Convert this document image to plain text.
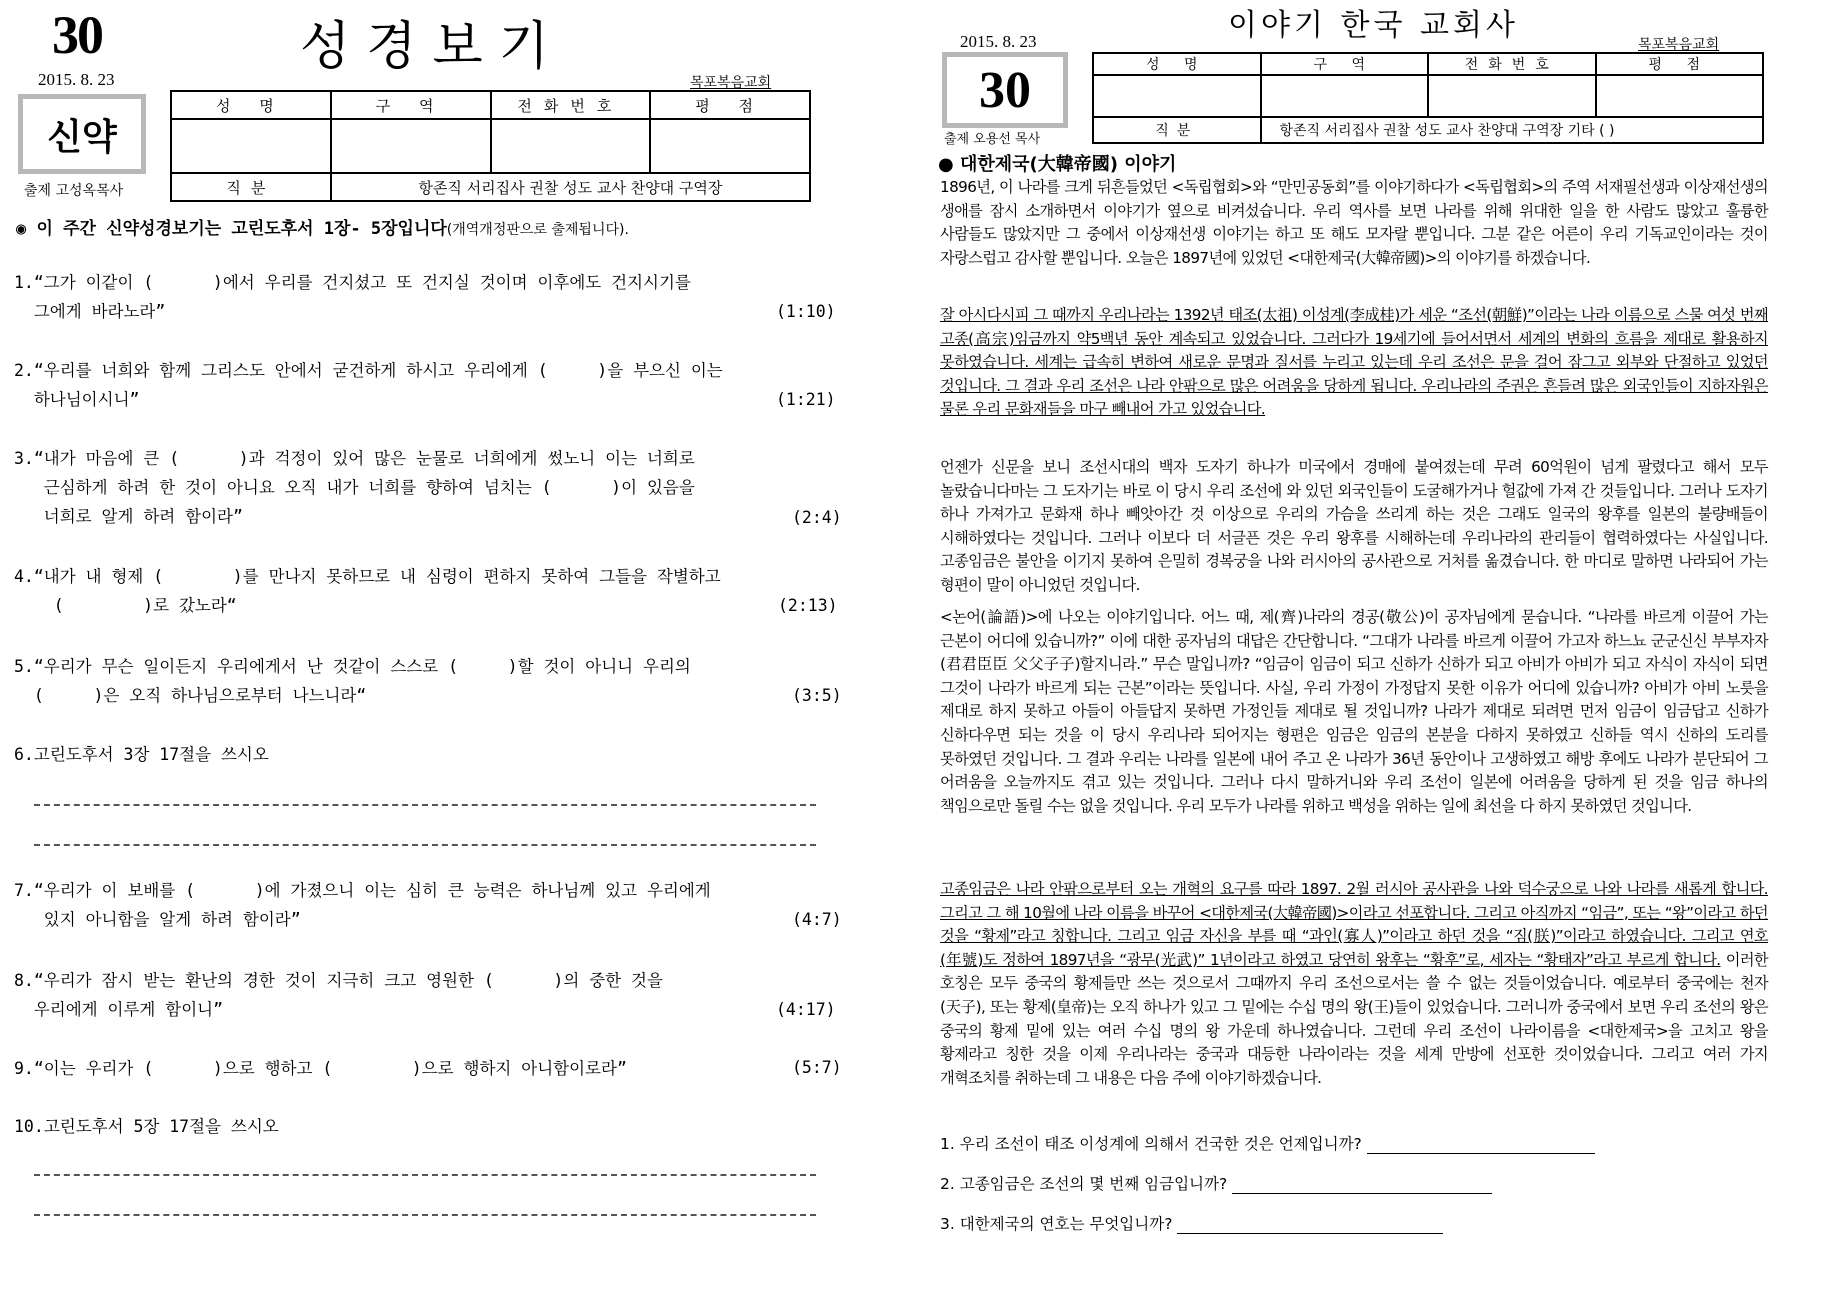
30	성경보기
2015. 8. 23	목포복음교회
신약
출제 고성옥목사
성 명	구 역	전화번호	평 점

직분	항존직 서리집사 권찰 성도 교사 찬양대 구역장		
◉ 이 주간 신약성경보기는 고린도후서 1장- 5장입니다(개역개정판으로 출제됩니다).
1.“그가 이같이 (      )에서 우리를 건지셨고 또 건지실 것이며 이후에도 건지시기를
그에게 바라노라”	(1:10)
2.“우리를 너희와 함께 그리스도 안에서 굳건하게 하시고 우리에게 (     )을 부으신 이는
하나님이시니”	(1:21)
3.“내가 마음에 큰 (      )과 걱정이 있어 많은 눈물로 너희에게 썼노니 이는 너희로
근심하게 하려 한 것이 아니요 오직 내가 너희를 향하여 넘치는 (      )이 있음을
너희로 알게 하려 함이라”	(2:4)
4.“내가 내 형제 (       )를 만나지 못하므로 내 심령이 편하지 못하여 그들을 작별하고
(        )로 갔노라“	(2:13)
5.“우리가 무슨 일이든지 우리에게서 난 것같이 스스로 (     )할 것이 아니니 우리의
(     )은 오직 하나님으로부터 나느니라“	(3:5)
6.고린도후서 3장 17절을 쓰시오
7.“우리가 이 보배를 (      )에 가졌으니 이는 심히 큰 능력은 하나님께 있고 우리에게
있지 아니함을 알게 하려 함이라”	(4:7)
8.“우리가 잠시 받는 환난의 경한 것이 지극히 크고 영원한 (      )의 중한 것을
우리에게 이루게 함이니”	(4:17)
9.“이는 우리가 (      )으로 행하고 (        )으로 행하지 아니함이로라”	(5:7)
10.고린도후서 5장 17절을 쓰시오
이야기 한국 교회사
2015. 8. 23	목포복음교회
30
출제 오용선 목사
성 명	구 역	전화번호	평 점

직분	항존직 서리집사 권찰 성도 교사 찬양대 구역장 기타 ( )		
● 대한제국(大韓帝國) 이야기
1896년, 이 나라를 크게 뒤흔들었던 <독립협회>와 “만민공동회”를 이야기하다가 <독립협회>의 주역 서재필선생과 이상재선생의 생애를 잠시 소개하면서 이야기가 옆으로 비켜섰습니다. 우리 역사를 보면 나라를 위해 위대한 일을 한 사람도 많았고 훌륭한 사람들도 많았지만 그 중에서 이상재선생 이야기는 하고 또 해도 모자랄 뿐입니다. 그분 같은 어른이 우리 기독교인이라는 것이 자랑스럽고 감사할 뿐입니다. 오늘은 1897년에 있었던 <대한제국(大韓帝國)>의 이야기를 하겠습니다.
잘 아시다시피 그 때까지 우리나라는 1392년 태조(太祖) 이성계(李成桂)가 세운 “조선(朝鮮)”이라는 나라 이름으로 스물 여섯 번째 고종(高宗)임금까지 약5백년 동안 계속되고 있었습니다. 그러다가 19세기에 들어서면서 세계의 변화의 흐름을 제대로 활용하지 못하였습니다. 세계는 급속히 변하여 새로운 문명과 질서를 누리고 있는데 우리 조선은 문을 걸어 잠그고 외부와 단절하고 있었던 것입니다. 그 결과 우리 조선은 나라 안팎으로 많은 어려움을 당하게 됩니다. 우리나라의 주권은 흔들려 많은 외국인들이 지하자원은 물론 우리 문화재들을 마구 빼내어 가고 있었습니다.
언젠가 신문을 보니 조선시대의 백자 도자기 하나가 미국에서 경매에 붙여졌는데 무려 60억원이 넘게 팔렸다고 해서 모두 놀랐습니다마는 그 도자기는 바로 이 당시 우리 조선에 와 있던 외국인들이 도굴해가거나 헐값에 가져 간 것들입니다. 그러나 도자기 하나 가져가고 문화재 하나 빼앗아간 것 이상으로 우리의 가슴을 쓰리게 하는 것은 그래도 일국의 왕후를 일본의 불량배들이 시해하였다는 것입니다. 그러나 이보다 더 서글픈 것은 우리 왕후를 시해하는데 우리나라의 관리들이 협력하였다는 사실입니다. 고종임금은 불안을 이기지 못하여 은밀히 경복궁을 나와 러시아의 공사관으로 거처를 옮겼습니다. 한 마디로 말하면 나라되어 가는 형편이 말이 아니었던 것입니다.
<논어(論語)>에 나오는 이야기입니다. 어느 때, 제(齊)나라의 경공(敬公)이 공자님에게 묻습니다. “나라를 바르게 이끌어 가는 근본이 어디에 있습니까?” 이에 대한 공자님의 대답은 간단합니다. “그대가 나라를 바르게 이끌어 가고자 하느뇨 군군신신 부부자자(君君臣臣 父父子子)할지니라.” 무슨 말입니까? “임금이 임금이 되고 신하가 신하가 되고 아비가 아비가 되고 자식이 자식이 되면 그것이 나라가 바르게 되는 근본”이라는 뜻입니다. 사실, 우리 가정이 가정답지 못한 이유가 어디에 있습니까? 아비가 아비 노릇을 제대로 하지 못하고 아들이 아들답지 못하면 가정인들 제대로 될 것입니까? 나라가 제대로 되려면 먼저 임금이 임금답고 신하가 신하다우면 되는 것을 이 당시 우리나라 되어지는 형편은 임금은 임금의 본분을 다하지 못하였고 신하들 역시 신하의 도리를 못하였던 것입니다. 그 결과 우리는 나라를 일본에 내어 주고 온 나라가 36년 동안이나 고생하였고 해방 후에도 나라가 분단되어 그 어려움을 오늘까지도 겪고 있는 것입니다. 그러나 다시 말하거니와 우리 조선이 일본에 어려움을 당하게 된 것을 임금 하나의 책임으로만 돌릴 수는 없을 것입니다. 우리 모두가 나라를 위하고 백성을 위하는 일에 최선을 다 하지 못하였던 것입니다.
고종임금은 나라 안팎으로부터 오는 개혁의 요구를 따라 1897. 2월 러시아 공사관을 나와 덕수궁으로 나와 나라를 새롭게 합니다. 그리고 그 해 10월에 나라 이름을 바꾸어 <대한제국(大韓帝國)>이라고 선포합니다. 그리고 아직까지 “임금”, 또는 “왕”이라고 하던 것을 “황제”라고 칭합니다. 그리고 임금 자신을 부를 때 “과인(寡人)”이라고 하던 것을 “짐(朕)”이라고 하였습니다. 그리고 연호(年號)도 정하여 1897년을 “광무(光武)” 1년이라고 하였고 당연히 왕후는 “황후”로, 세자는 “황태자”라고 부르게 합니다. 이러한 호칭은 모두 중국의 황제들만 쓰는 것으로서 그때까지 우리 조선으로서는 쓸 수 없는 것들이었습니다. 예로부터 중국에는 천자(天子), 또는 황제(皇帝)는 오직 하나가 있고 그 밑에는 수십 명의 왕(王)들이 있었습니다. 그러니까 중국에서 보면 우리 조선의 왕은 중국의 황제 밑에 있는 여러 수십 명의 왕 가운데 하나였습니다. 그런데 우리 조선이 나라이름을 <대한제국>을 고치고 왕을 황제라고 칭한 것을 이제 우리나라는 중국과 대등한 나라이라는 것을 세계 만방에 선포한 것이었습니다. 그리고 여러 가지 개혁조치를 취하는데 그 내용은 다음 주에 이야기하겠습니다.
1. 우리 조선이 태조 이성계에 의해서 건국한 것은 언제입니까?
2. 고종임금은 조선의 몇 번째 임금입니까?
3. 대한제국의 연호는 무엇입니까?
